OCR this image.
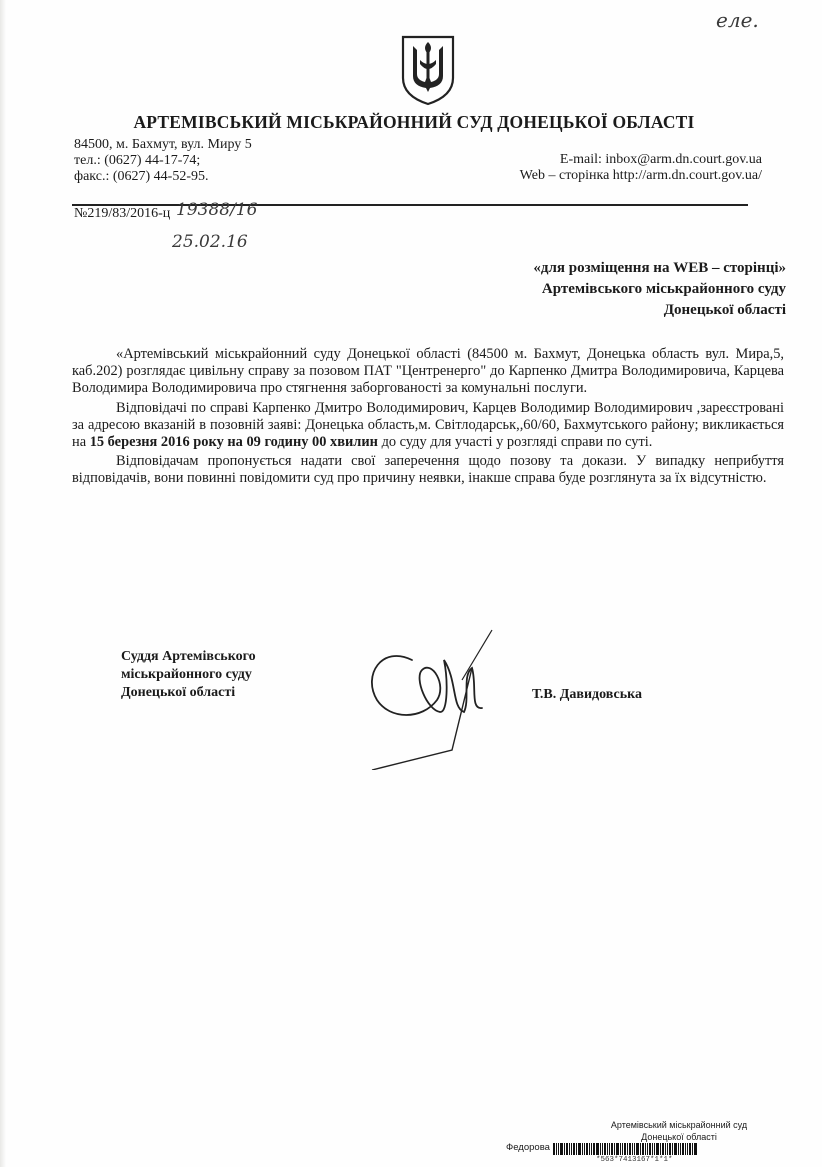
еле.
АРТЕМІВСЬКИЙ МІСЬКРАЙОННИЙ СУД ДОНЕЦЬКОЇ ОБЛАСТІ
84500, м. Бахмут, вул. Миру 5
тел.: (0627) 44-17-74;
факс.: (0627) 44-52-95.
E-mail: inbox@arm.dn.court.gov.ua
Web – сторінка http://arm.dn.court.gov.ua/
№219/83/2016-ц 19388/16
25.02.16
«для розміщення на WEB – сторінці»
Артемівського міськрайонного суду
Донецької області

«Артемівський міськрайонний суду Донецької області (84500 м. Бахмут, Донецька область вул. Мира,5, каб.202) розглядає цивільну справу за позовом ПАТ "Центренерго" до Карпенко Дмитра Володимировича, Карцева Володимира Володимировича про стягнення заборгованості за комунальні послуги.

Відповідачі по справі Карпенко Дмитро Володимирович, Карцев Володимир Володимирович ,зареєстровані за адресою вказаній в позовній заяві: Донецька область,м. Світлодарськ,,60/60, Бахмутського району; викликається на 15 березня 2016 року на 09 годину 00 хвилин до суду для участі у розгляді справи по суті.

Відповідачам пропонується надати свої заперечення щодо позову та докази. У випадку неприбуття відповідачів, вони повинні повідомити суд про причину неявки, інакше справа буде розглянута за їх відсутністю.

Суддя Артемівського
міськрайонного суду
Донецької області	Т.В. Давидовська
Артемівський міськрайонний суд
Донецької області
Федорова
*563*7413167*1*1*
